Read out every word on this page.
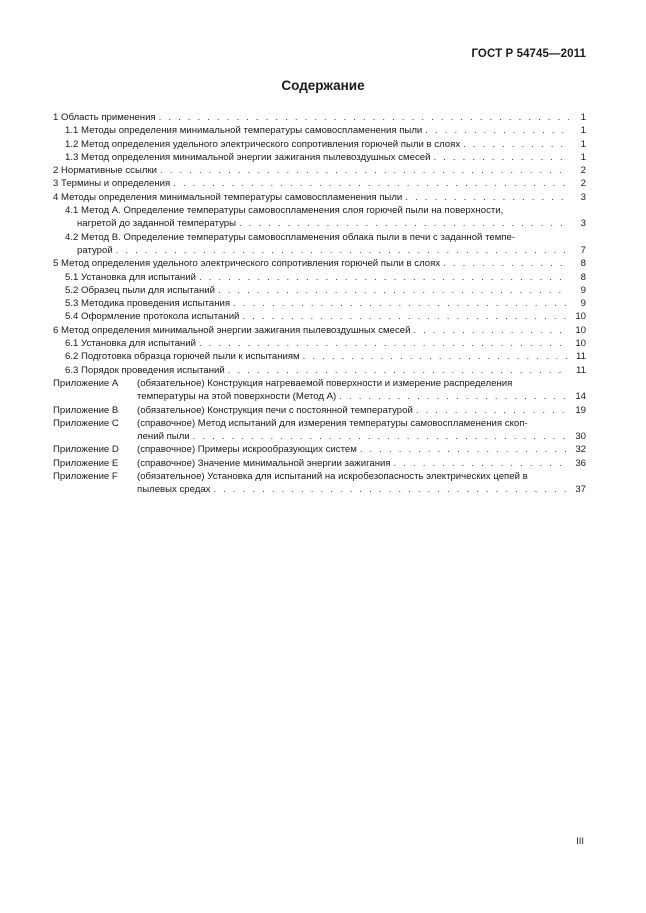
ГОСТ Р 54745—2011
Содержание
1 Область применения . . .	1
1.1 Методы определения минимальной температуры самовоспламенения пыли . . .	1
1.2 Метод определения удельного электрического сопротивления горючей пыли в слоях . . .	1
1.3 Метод определения минимальной энергии зажигания пылевоздушных смесей . . .	1
2 Нормативные ссылки . . .	2
3 Термины и определения . . .	2
4 Методы определения минимальной температуры самовоспламенения пыли . . .	3
4.1 Метод А. Определение температуры самовоспламенения слоя горючей пыли на поверхности,
нагретой до заданной температуры . . .	3
4.2 Метод В. Определение температуры самовоспламенения облака пыли в печи с заданной темпе-
ратурой . . .	7
5 Метод определения удельного электрического сопротивления горючей пыли в слоях . . .	8
5.1 Установка для испытаний . . .	8
5.2 Образец пыли для испытаний . . .	9
5.3 Методика проведения испытания . . .	9
5.4 Оформление протокола испытаний . . .	10
6 Метод определения минимальной энергии зажигания пылевоздушных смесей . . .	10
6.1 Установка для испытаний . . .	10
6.2 Подготовка образца горючей пыли к испытаниям . . .	11
6.3 Порядок проведения испытаний . . .	11
Приложение А (обязательное) Конструкция нагреваемой поверхности и измерение распределения
температуры на этой поверхности (Метод А) . . .	14
Приложение В (обязательное) Конструкция печи с постоянной температурой . . .	19
Приложение С (справочное) Метод испытаний для измерения температуры самовоспламенения скоп-
лений пыли . . .	30
Приложение D (справочное) Примеры искрообразующих систем . . .	32
Приложение Е (справочное) Значение минимальной энергии зажигания . . .	36
Приложение F (обязательное) Установка для испытаний на искробезопасность электрических цепей в
пылевых средах . . .	37
III
